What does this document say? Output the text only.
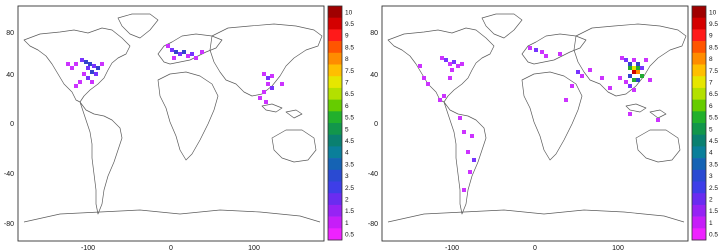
80
40
0
-40
-80
-100	0	100
10
9.5
9
8.5
8
7.5
7
6.5
6
5.5
5
4.5
4
3.5
3
2.5
2
1.5
1
0.5
80
40
0
-40
-80
-100	0	100
10
9.5
9
8.5
8
7.5
7
6.5
6
5.5
5
4.5
4
3.5
3
2.5
2
1.5
1
0.5
